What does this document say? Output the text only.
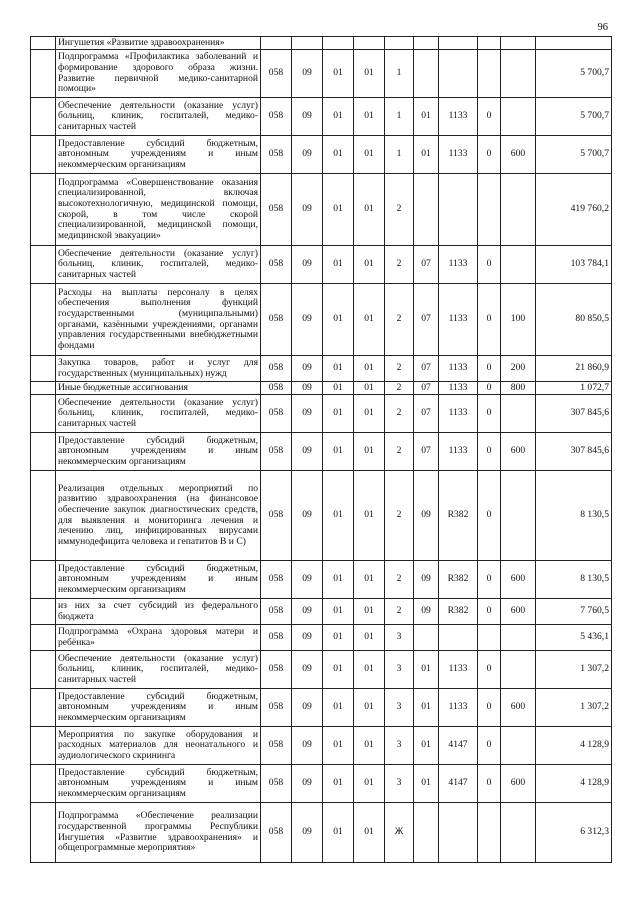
96
	Ингушетия «Развитие здравоохранения»										
	Подпрограмма «Профилактика заболеваний и формирование здорового образа жизни. Развитие первичной медико-санитарной помощи»	058	09	01	01	1					5 700,7
	Обеспечение деятельности (оказание услуг) больниц, клиник, госпиталей, медико-санитарных частей	058	09	01	01	1	01	1133	0		5 700,7
	Предоставление субсидий бюджетным, автономным учреждениям и иным некоммерческим организациям	058	09	01	01	1	01	1133	0	600	5 700,7
	Подпрограмма «Совершенствование оказания специализированной, включая высокотехнологичную, медицинской помощи, скорой, в том числе скорой специализированной, медицинской помощи, медицинской эвакуации»	058	09	01	01	2					419 760,2
	Обеспечение деятельности (оказание услуг) больниц, клиник, госпиталей, медико-санитарных частей	058	09	01	01	2	07	1133	0		103 784,1
	Расходы на выплаты персоналу в целях обеспечения выполнения функций государственными (муниципальными) органами, казёнными учреждениями, органами управления государственными внебюджетными фондами	058	09	01	01	2	07	1133	0	100	80 850,5
	Закупка товаров, работ и услуг для государственных (муниципальных) нужд	058	09	01	01	2	07	1133	0	200	21 860,9
	Иные бюджетные ассигнования	058	09	01	01	2	07	1133	0	800	1 072,7
	Обеспечение деятельности (оказание услуг) больниц, клиник, госпиталей, медико-санитарных частей	058	09	01	01	2	07	1133	0		307 845,6
	Предоставление субсидий бюджетным, автономным учреждениям и иным некоммерческим организациям	058	09	01	01	2	07	1133	0	600	307 845,6
	Реализация отдельных мероприятий по развитию здравоохранения (на финансовое обеспечение закупок диагностических средств, для выявления и мониторинга лечения и лечению лиц, инфицированных вирусами иммунодефицита человека и гепатитов В и С)	058	09	01	01	2	09	R382	0		8 130,5
	Предоставление субсидий бюджетным, автономным учреждениям и иным некоммерческим организациям	058	09	01	01	2	09	R382	0	600	8 130,5
	из них за счет субсидий из федерального бюджета	058	09	01	01	2	09	R382	0	600	7 760,5
	Подпрограмма «Охрана здоровья матери и ребёнка»	058	09	01	01	3					5 436,1
	Обеспечение деятельности (оказание услуг) больниц, клиник, госпиталей, медико-санитарных частей	058	09	01	01	3	01	1133	0		1 307,2
	Предоставление субсидий бюджетным, автономным учреждениям и иным некоммерческим организациям	058	09	01	01	3	01	1133	0	600	1 307,2
	Мероприятия по закупке оборудования и расходных материалов для неонатального и аудиологического скрининга	058	09	01	01	3	01	4147	0		4 128,9
	Предоставление субсидий бюджетным, автономным учреждениям и иным некоммерческим организациям	058	09	01	01	3	01	4147	0	600	4 128,9
	Подпрограмма «Обеспечение реализации государственной программы Республики Ингушетия «Развитие здравоохранения» и общепрограммные мероприятия»	058	09	01	01	Ж					6 312,3
